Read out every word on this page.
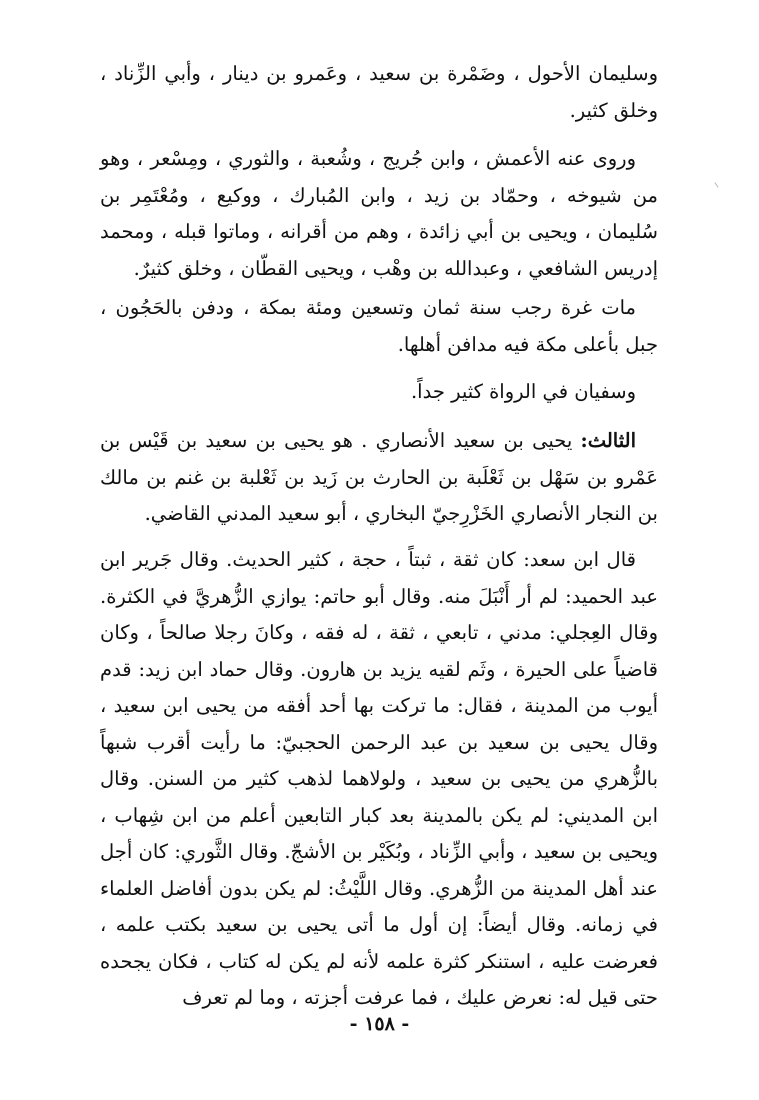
وسليمان الأحول ، وضَمْرة بن سعيد ، وعَمرو بن دينار ، وأبي الزِّناد ، وخلق كثير.

وروى عنه الأعمش ، وابن جُريج ، وشُعبة ، والثوري ، ومِسْعر ، وهو من شيوخه ، وحمّاد بن زيد ، وابن المُبارك ، ووكيع ، ومُعْتَمِر بن سُليمان ، ويحيى بن أبي زائدة ، وهم من أقرانه ، وماتوا قبله ، ومحمد إدريس الشافعي ، وعبدالله بن وهْب ، ويحيى القطّان ، وخلق كثيرٌ.

مات غرة رجب سنة ثمان وتسعين ومئة بمكة ، ودفن بالحَجُون ، جبل بأعلى مكة فيه مدافن أهلها.

وسفيان في الرواة كثير جداً.

الثالث: يحيى بن سعيد الأنصاري . هو يحيى بن سعيد بن قَيْس بن عَمْرو بن سَهْل بن ثَعْلَبة بن الحارث بن زَيد بن ثَعْلبة بن غنم بن مالك بن النجار الأنصاري الخَزْرِجيّ البخاري ، أبو سعيد المدني القاضي.

قال ابن سعد: كان ثقة ، ثبتاً ، حجة ، كثير الحديث. وقال جَرير ابن عبد الحميد: لم أر أَنْبَلَ منه. وقال أبو حاتم: يوازي الزُّهريَّ في الكثرة. وقال العِجلي: مدني ، تابعي ، ثقة ، له فقه ، وكانَ رجلا صالحاً ، وكان قاضياً على الحيرة ، وثَم لقيه يزيد بن هارون. وقال حماد ابن زيد: قدم أيوب من المدينة ، فقال: ما تركت بها أحد أفقه من يحيى ابن سعيد ، وقال يحيى بن سعيد بن عبد الرحمن الحجبيّ: ما رأيت أقرب شبهاً بالزُّهري من يحيى بن سعيد ، ولولاهما لذهب كثير من السنن. وقال ابن المديني: لم يكن بالمدينة بعد كبار التابعين أعلم من ابن شِهاب ، ويحيى بن سعيد ، وأبي الزِّناد ، وبُكَيْر بن الأشجّ. وقال الثَّوري: كان أجل عند أهل المدينة من الزُّهري. وقال اللَّيْثُ: لم يكن بدون أفاضل العلماء في زمانه. وقال أيضاً: إن أول ما أتى يحيى بن سعيد بكتب علمه ، فعرضت عليه ، استنكر كثرة علمه لأنه لم يكن له كتاب ، فكان يجحده حتى قيل له: نعرض عليك ، فما عرفت أجزته ، وما لم تعرف

- ١٥٨ -
